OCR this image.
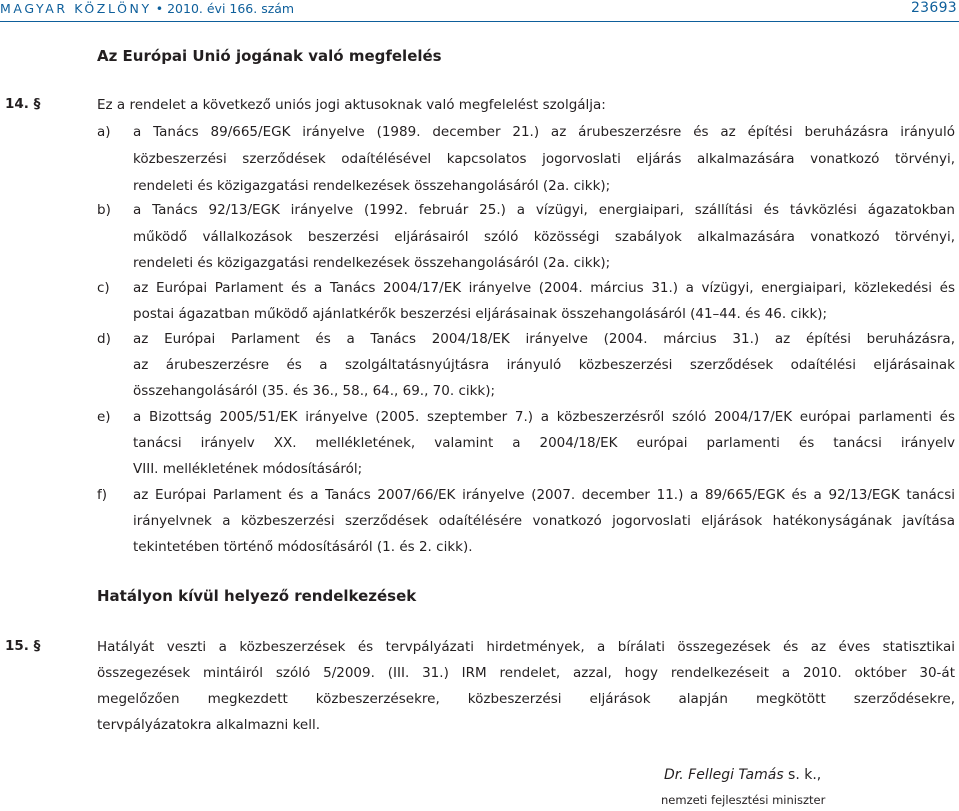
MAGYAR KÖZLÖNY • 2010. évi 166. szám	23693
Az Európai Unió jogának való megfelelés
14. §	Ez a rendelet a következő uniós jogi aktusoknak való megfelelést szolgálja:
a) a Tanács 89/665/EGK irányelve (1989. december 21.) az árubeszerzésre és az építési beruházásra irányuló
közbeszerzési szerződések odaítélésével kapcsolatos jogorvoslati eljárás alkalmazására vonatkozó törvényi,
rendeleti és közigazgatási rendelkezések összehangolásáról (2a. cikk);
b) a Tanács 92/13/EGK irányelve (1992. február 25.) a vízügyi, energiaipari, szállítási és távközlési ágazatokban
működő vállalkozások beszerzési eljárásairól szóló közösségi szabályok alkalmazására vonatkozó törvényi,
rendeleti és közigazgatási rendelkezések összehangolásáról (2a. cikk);
c) az Európai Parlament és a Tanács 2004/17/EK irányelve (2004. március 31.) a vízügyi, energiaipari, közlekedési és
postai ágazatban működő ajánlatkérők beszerzési eljárásainak összehangolásáról (41–44. és 46. cikk);
d) az Európai Parlament és a Tanács 2004/18/EK irányelve (2004. március 31.) az építési beruházásra,
az árubeszerzésre és a szolgáltatásnyújtásra irányuló közbeszerzési szerződések odaítélési eljárásainak
összehangolásáról (35. és 36., 58., 64., 69., 70. cikk);
e) a Bizottság 2005/51/EK irányelve (2005. szeptember 7.) a közbeszerzésről szóló 2004/17/EK európai parlamenti és
tanácsi irányelv XX. mellékletének, valamint a 2004/18/EK európai parlamenti és tanácsi irányelv
VIII. mellékletének módosításáról;
f) az Európai Parlament és a Tanács 2007/66/EK irányelve (2007. december 11.) a 89/665/EGK és a 92/13/EGK tanácsi
irányelvnek a közbeszerzési szerződések odaítélésére vonatkozó jogorvoslati eljárások hatékonyságának javítása
tekintetében történő módosításáról (1. és 2. cikk).
Hatályon kívül helyező rendelkezések
15. §	Hatályát veszti a közbeszerzések és tervpályázati hirdetmények, a bírálati összegezések és az éves statisztikai
összegezések mintáiról szóló 5/2009. (III. 31.) IRM rendelet, azzal, hogy rendelkezéseit a 2010. október 30-át
megelőzően megkezdett közbeszerzésekre, közbeszerzési eljárások alapján megkötött szerződésekre,
tervpályázatokra alkalmazni kell.
Dr. Fellegi Tamás s. k.,
nemzeti fejlesztési miniszter
